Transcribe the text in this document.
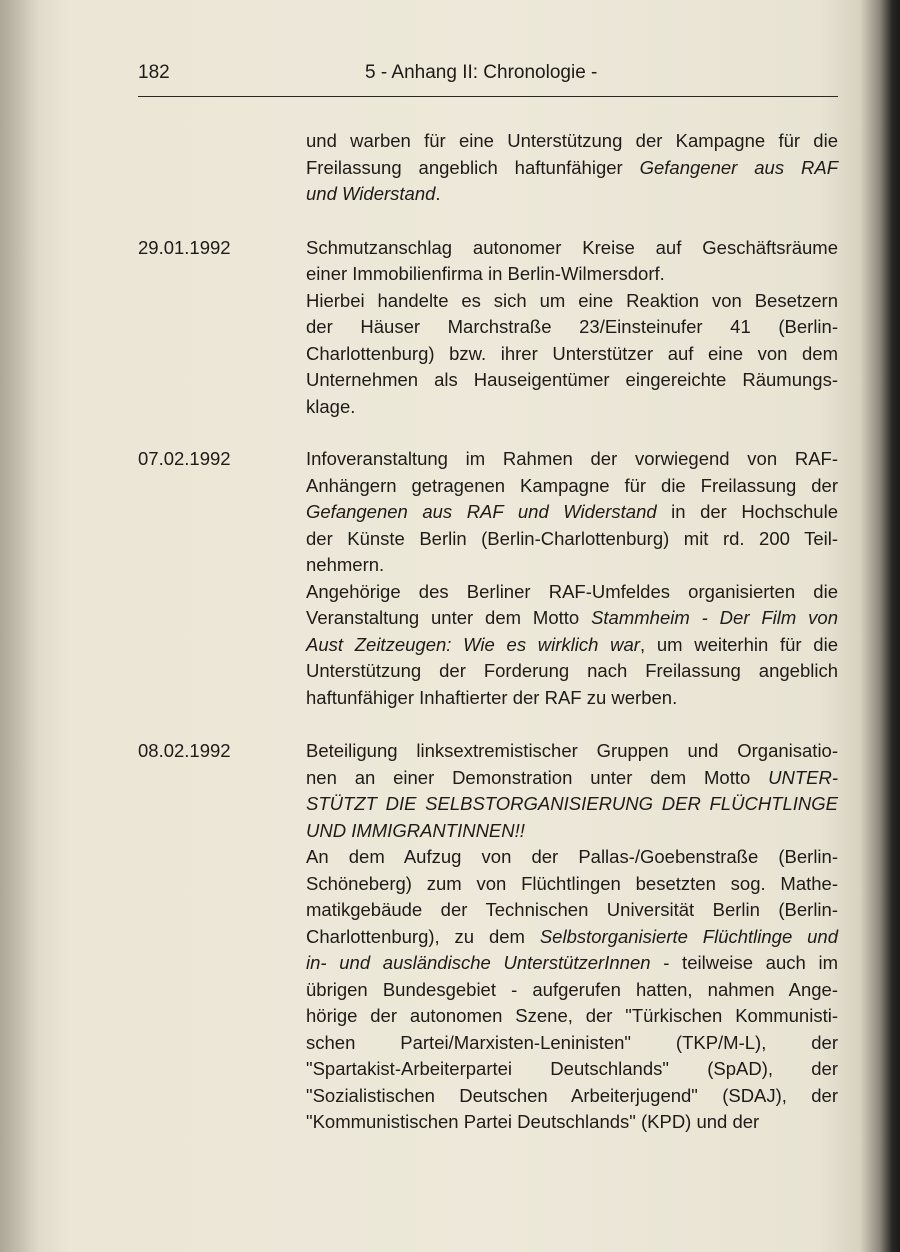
182	5 - Anhang II: Chronologie -

und warben für eine Unterstützung der Kampagne für die
Freilassung angeblich haftunfähiger Gefangener aus RAF
und Widerstand.

29.01.1992	Schmutzanschlag autonomer Kreise auf Geschäftsräume
einer Immobilienfirma in Berlin-Wilmersdorf.

Hierbei handelte es sich um eine Reaktion von Besetzern
der Häuser Marchstraße 23/Einsteinufer 41 (Berlin-
Charlottenburg) bzw. ihrer Unterstützer auf eine von dem
Unternehmen als Hauseigentümer eingereichte Räumungs-
klage.

07.02.1992	Infoveranstaltung im Rahmen der vorwiegend von RAF-
Anhängern getragenen Kampagne für die Freilassung der
Gefangenen aus RAF und Widerstand in der Hochschule
der Künste Berlin (Berlin-Charlottenburg) mit rd. 200 Teil-
nehmern.

Angehörige des Berliner RAF-Umfeldes organisierten die
Veranstaltung unter dem Motto Stammheim - Der Film von
Aust Zeitzeugen: Wie es wirklich war, um weiterhin für die
Unterstützung der Forderung nach Freilassung angeblich
haftunfähiger Inhaftierter der RAF zu werben.

08.02.1992	Beteiligung linksextremistischer Gruppen und Organisatio-
nen an einer Demonstration unter dem Motto UNTER-
STÜTZT DIE SELBSTORGANISIERUNG DER FLÜCHTLINGE
UND IMMIGRANTINNEN!!

An dem Aufzug von der Pallas-/Goebenstraße (Berlin-
Schöneberg) zum von Flüchtlingen besetzten sog. Mathe-
matikgebäude der Technischen Universität Berlin (Berlin-
Charlottenburg), zu dem Selbstorganisierte Flüchtlinge und
in- und ausländische UnterstützerInnen - teilweise auch im
übrigen Bundesgebiet - aufgerufen hatten, nahmen Ange-
hörige der autonomen Szene, der "Türkischen Kommunisti-
schen Partei/Marxisten-Leninisten" (TKP/M-L), der
"Spartakist-Arbeiterpartei Deutschlands" (SpAD), der
"Sozialistischen Deutschen Arbeiterjugend" (SDAJ), der
"Kommunistischen Partei Deutschlands" (KPD) und der
